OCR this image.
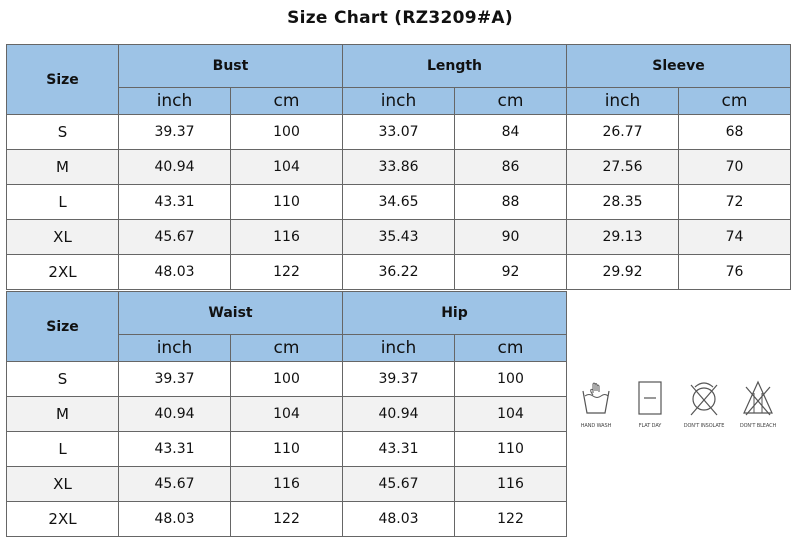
Size Chart (RZ3209#A)
Size	Bust		Length		Sleeve	
	inch	cm	inch	cm	inch	cm
S	39.37	100	33.07	84	26.77	68
M	40.94	104	33.86	86	27.56	70
L	43.31	110	34.65	88	28.35	72
XL	45.67	116	35.43	90	29.13	74
2XL	48.03	122	36.22	92	29.92	76
Size	Waist		Hip	
	inch	cm	inch	cm
S	39.37	100	39.37	100
M	40.94	104	40.94	104
L	43.31	110	43.31	110
XL	45.67	116	45.67	116
2XL	48.03	122	48.03	122
HAND WASH	FLAT DAY	DON'T INSOLATE	DON'T BLEACH
